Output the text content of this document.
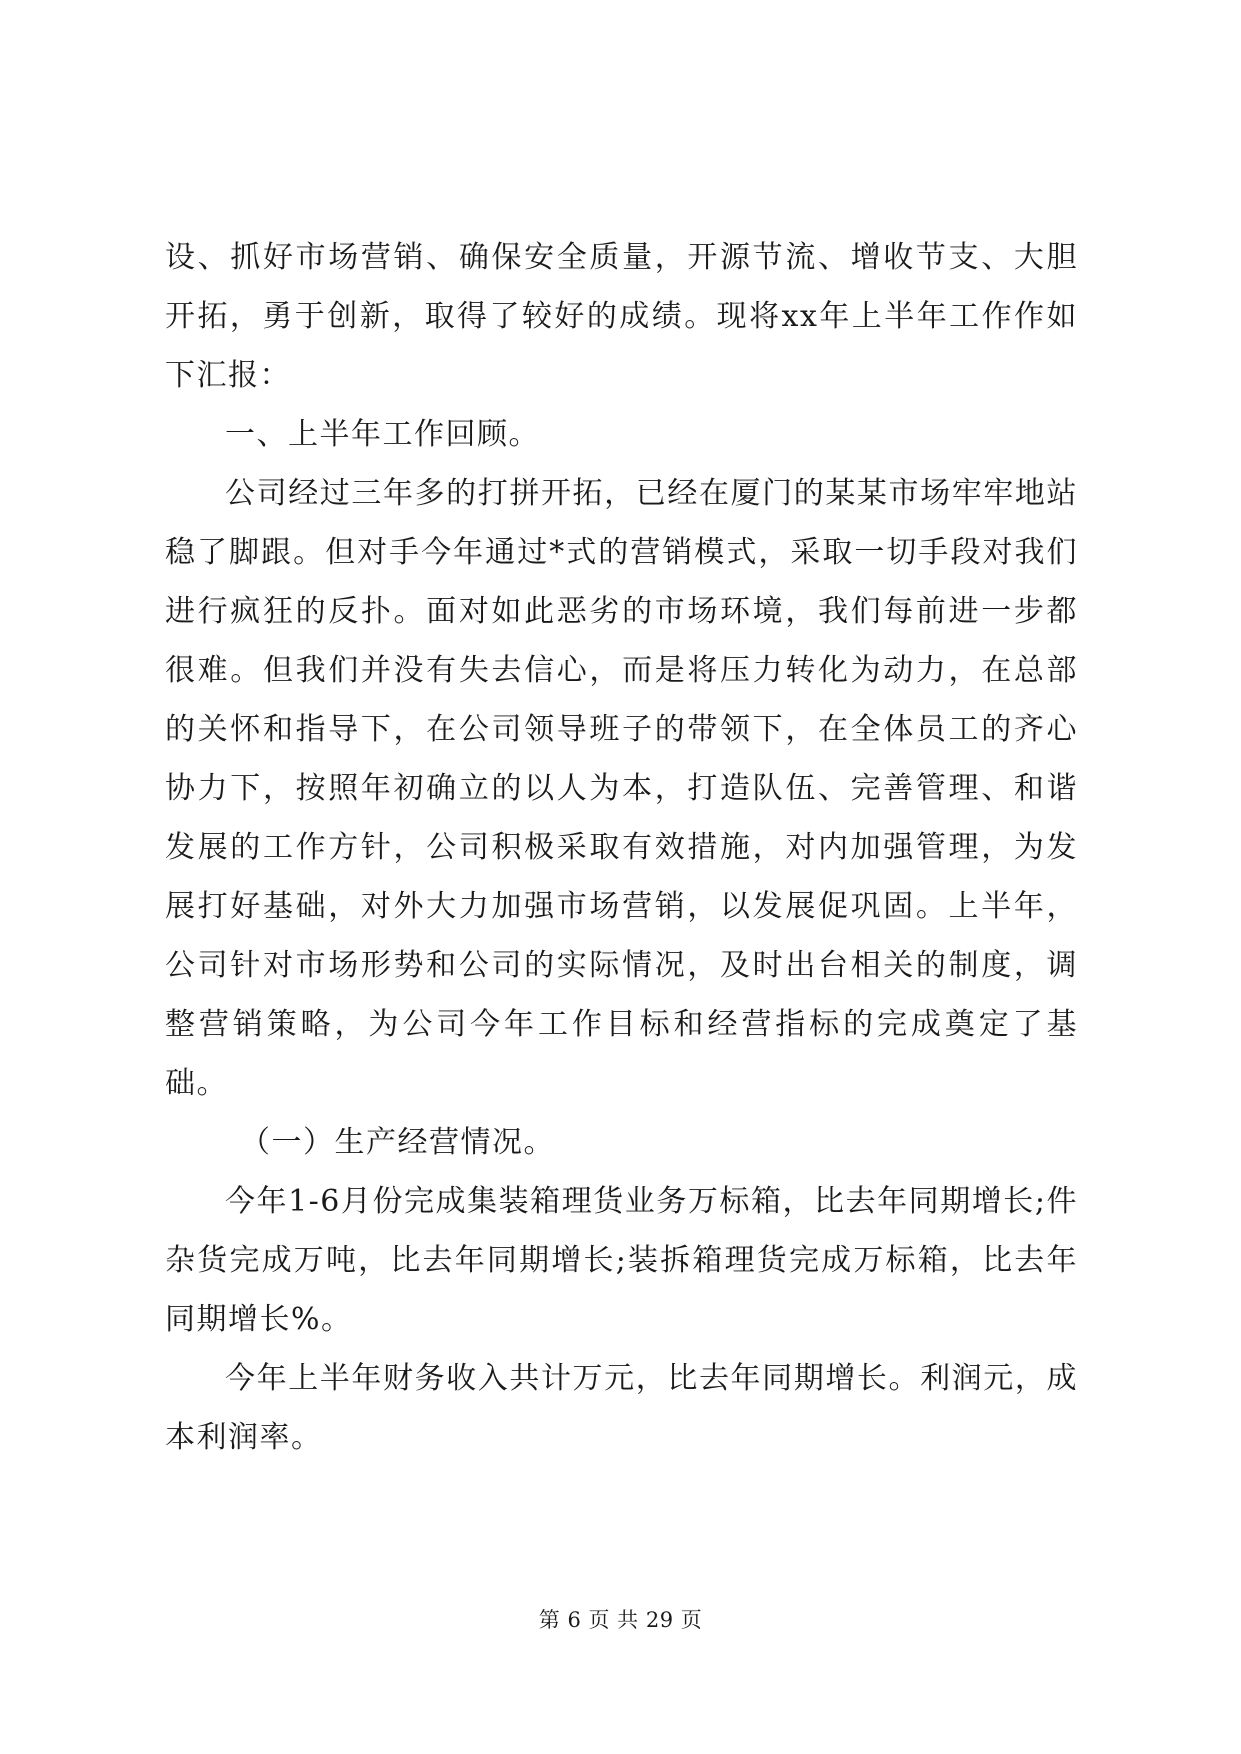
设、抓好市场营销、确保安全质量，开源节流、增收节支、大胆开拓，勇于创新，取得了较好的成绩。现将xx年上半年工作作如下汇报：

一、上半年工作回顾。

公司经过三年多的打拼开拓，已经在厦门的某某市场牢牢地站稳了脚跟。但对手今年通过*式的营销模式，采取一切手段对我们进行疯狂的反扑。面对如此恶劣的市场环境，我们每前进一步都很难。但我们并没有失去信心，而是将压力转化为动力，在总部的关怀和指导下，在公司领导班子的带领下，在全体员工的齐心协力下，按照年初确立的以人为本，打造队伍、完善管理、和谐发展的工作方针，公司积极采取有效措施，对内加强管理，为发展打好基础，对外大力加强市场营销，以发展促巩固。上半年，公司针对市场形势和公司的实际情况，及时出台相关的制度，调整营销策略，为公司今年工作目标和经营指标的完成奠定了基础。

（一）生产经营情况。

今年1-6月份完成集装箱理货业务万标箱，比去年同期增长;件杂货完成万吨，比去年同期增长;装拆箱理货完成万标箱，比去年同期增长%。

今年上半年财务收入共计万元，比去年同期增长。利润元，成本利润率。

第 6 页 共 29 页
